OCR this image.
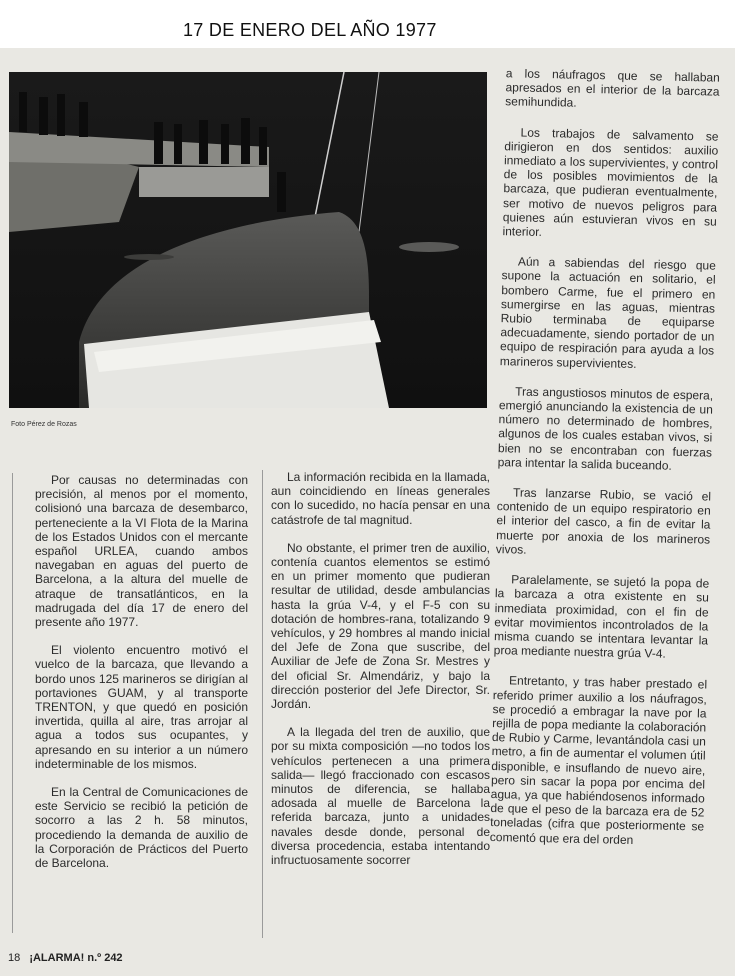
17 DE ENERO DEL AÑO 1977
Foto Pérez de Rozas

Por causas no determinadas con precisión, al menos por el momento, colisionó una barcaza de desembarco, perteneciente a la VI Flota de la Marina de los Estados Unidos con el mercante español URLEA, cuando ambos navegaban en aguas del puerto de Barcelona, a la altura del muelle de atraque de transatlánticos, en la madrugada del día 17 de enero del presente año 1977.

El violento encuentro motivó el vuelco de la barcaza, que llevando a bordo unos 125 marineros se dirigían al portaviones GUAM, y al transporte TRENTON, y que quedó en posición invertida, quilla al aire, tras arrojar al agua a todos sus ocupantes, y apresando en su interior a un número indeterminable de los mismos.

En la Central de Comunicaciones de este Servicio se recibió la petición de socorro a las 2 h. 58 minutos, procediendo la demanda de auxilio de la Corporación de Prácticos del Puerto de Barcelona.

La información recibida en la llamada, aun coincidiendo en líneas generales con lo sucedido, no hacía pensar en una catástrofe de tal magnitud.

No obstante, el primer tren de auxilio, contenía cuantos elementos se estimó en un primer momento que pudieran resultar de utilidad, desde ambulancias hasta la grúa V-4, y el F-5 con su dotación de hombres-rana, totalizando 9 vehículos, y 29 hombres al mando inicial del Jefe de Zona que suscribe, del Auxiliar de Jefe de Zona Sr. Mestres y del oficial Sr. Almendáriz, y bajo la dirección posterior del Jefe Director, Sr. Jordán.

A la llegada del tren de auxilio, que por su mixta composición —no todos los vehículos pertenecen a una primera salida— llegó fraccionado con escasos minutos de diferencia, se hallaba adosada al muelle de Barcelona la referida barcaza, junto a unidades navales desde donde, personal de diversa procedencia, estaba intentando infructuosamente socorrer

a los náufragos que se hallaban apresados en el interior de la barcaza semihundida.

Los trabajos de salvamento se dirigieron en dos sentidos: auxilio inmediato a los supervivientes, y control de los posibles movimientos de la barcaza, que pudieran eventualmente, ser motivo de nuevos peligros para quienes aún estuvieran vivos en su interior.

Aún a sabiendas del riesgo que supone la actuación en solitario, el bombero Carme, fue el primero en sumergirse en las aguas, mientras Rubio terminaba de equiparse adecuadamente, siendo portador de un equipo de respiración para ayuda a los marineros supervivientes.

Tras angustiosos minutos de espera, emergió anunciando la existencia de un número no determinado de hombres, algunos de los cuales estaban vivos, si bien no se encontraban con fuerzas para intentar la salida buceando.

Tras lanzarse Rubio, se vació el contenido de un equipo respiratorio en el interior del casco, a fin de evitar la muerte por anoxia de los marineros vivos.

Paralelamente, se sujetó la popa de la barcaza a otra existente en su inmediata proximidad, con el fin de evitar movimientos incontrolados de la misma cuando se intentara levantar la proa mediante nuestra grúa V-4.

Entretanto, y tras haber prestado el referido primer auxilio a los náufragos, se procedió a embragar la nave por la rejilla de popa mediante la colaboración de Rubio y Carme, levantándola casi un metro, a fin de aumentar el volumen útil disponible, e insuflando de nuevo aire, pero sin sacar la popa por encima del agua, ya que habiéndosenos informado de que el peso de la barcaza era de 52 toneladas (cifra que posteriormente se comentó que era del orden

18 ¡ALARMA! n.º 242
